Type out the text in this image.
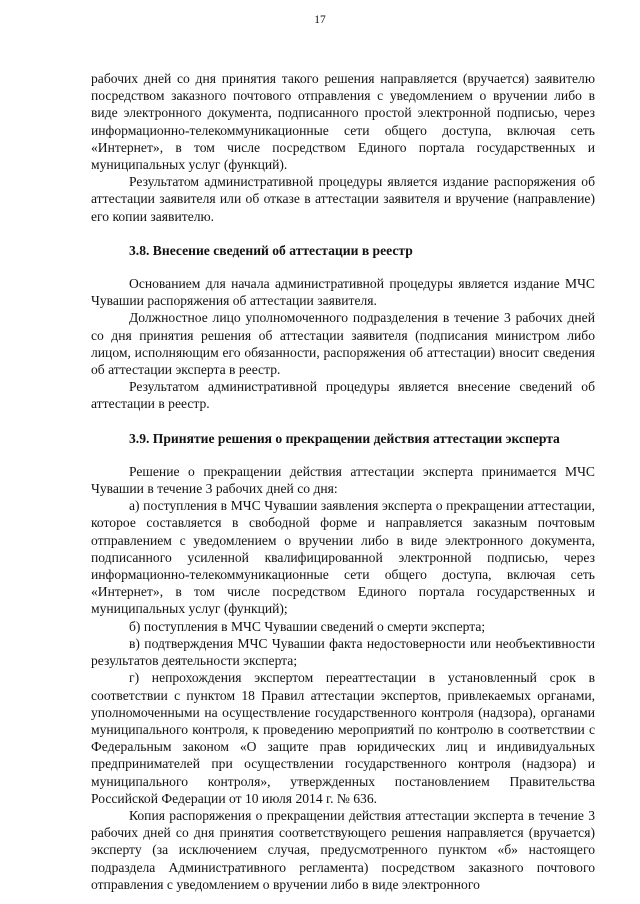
17

рабочих дней со дня принятия такого решения направляется (вручается) заявителю посредством заказного почтового отправления с уведомлением о вручении либо в виде электронного документа, подписанного простой электронной подписью, через информационно-телекоммуникационные сети общего доступа, включая сеть «Интернет», в том числе посредством Единого портала государственных и муниципальных услуг (функций).

Результатом административной процедуры является издание распоряжения об аттестации заявителя или об отказе в аттестации заявителя и вручение (направление) его копии заявителю.

3.8. Внесение сведений об аттестации в реестр

Основанием для начала административной процедуры является издание МЧС Чувашии распоряжения об аттестации заявителя.

Должностное лицо уполномоченного подразделения в течение 3 рабочих дней со дня принятия решения об аттестации заявителя (подписания министром либо лицом, исполняющим его обязанности, распоряжения об аттестации) вносит сведения об аттестации эксперта в реестр.

Результатом административной процедуры является внесение сведений об аттестации в реестр.

3.9. Принятие решения о прекращении действия аттестации эксперта

Решение о прекращении действия аттестации эксперта принимается МЧС Чувашии в течение 3 рабочих дней со дня:

а) поступления в МЧС Чувашии заявления эксперта о прекращении аттестации, которое составляется в свободной форме и направляется заказным почтовым отправлением с уведомлением о вручении либо в виде электронного документа, подписанного усиленной квалифицированной электронной подписью, через информационно-телекоммуникационные сети общего доступа, включая сеть «Интернет», в том числе посредством Единого портала государственных и муниципальных услуг (функций);

б) поступления в МЧС Чувашии сведений о смерти эксперта;

в) подтверждения МЧС Чувашии факта недостоверности или необъективности результатов деятельности эксперта;

г) непрохождения экспертом переаттестации в установленный срок в соответствии с пунктом 18 Правил аттестации экспертов, привлекаемых органами, уполномоченными на осуществление государственного контроля (надзора), органами муниципального контроля, к проведению мероприятий по контролю в соответствии с Федеральным законом «О защите прав юридических лиц и индивидуальных предпринимателей при осуществлении государственного контроля (надзора) и муниципального контроля», утвержденных постановлением Правительства Российской Федерации от 10 июля 2014 г. № 636.

Копия распоряжения о прекращении действия аттестации эксперта в течение 3 рабочих дней со дня принятия соответствующего решения направляется (вручается) эксперту (за исключением случая, предусмотренного пунктом «б» настоящего подраздела Административного регламента) посредством заказного почтового отправления с уведомлением о вручении либо в виде электронного
